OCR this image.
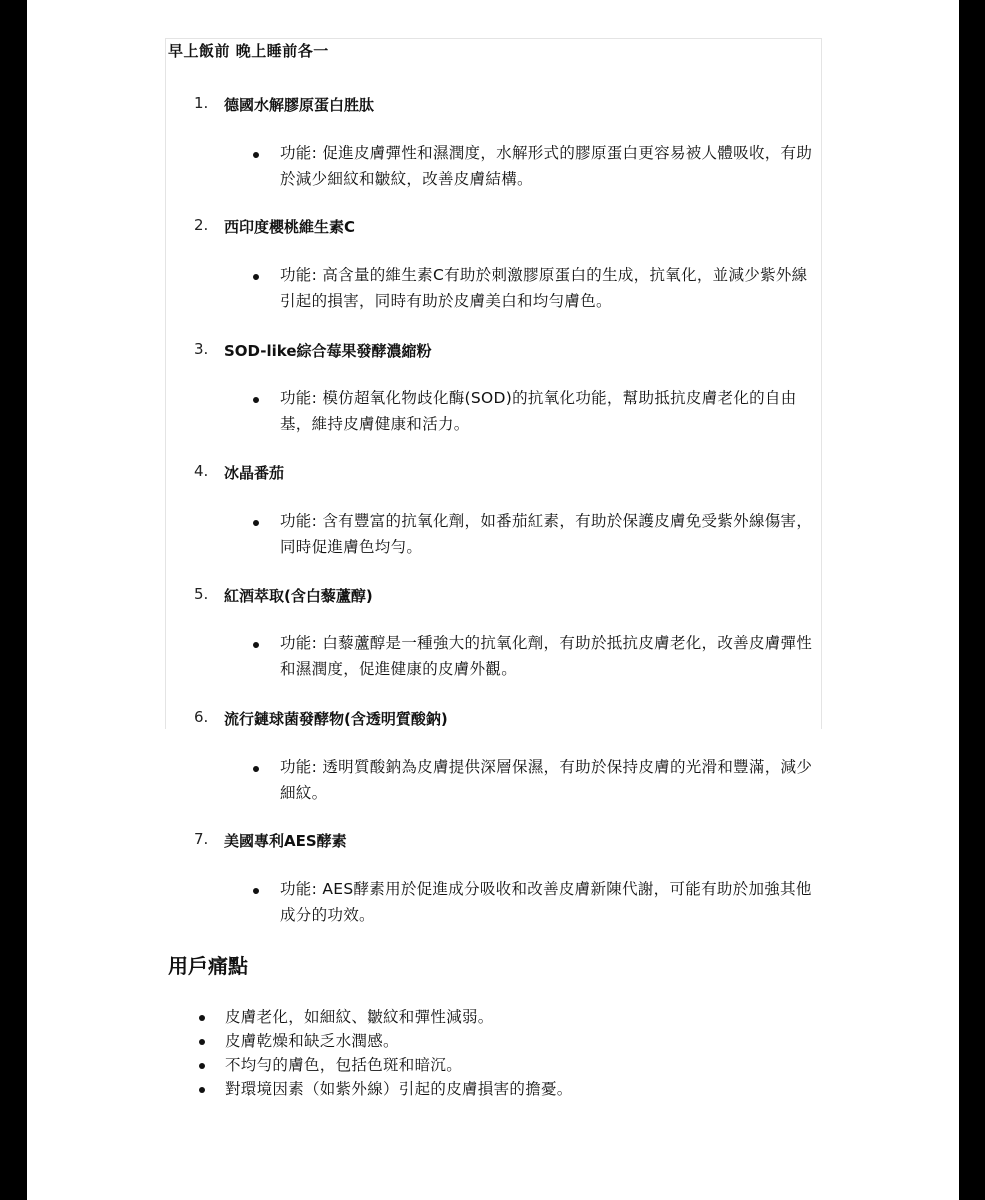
早上飯前 晚上睡前各一
1. 德國水解膠原蛋白胜肽
功能: 促進皮膚彈性和濕潤度，水解形式的膠原蛋白更容易被人體吸收，有助於減少細紋和皺紋，改善皮膚結構。
2. 西印度櫻桃維生素C
功能: 高含量的維生素C有助於刺激膠原蛋白的生成，抗氧化，並減少紫外線引起的損害，同時有助於皮膚美白和均勻膚色。
3. SOD-like綜合莓果發酵濃縮粉
功能: 模仿超氧化物歧化酶(SOD)的抗氧化功能，幫助抵抗皮膚老化的自由基，維持皮膚健康和活力。
4. 冰晶番茄
功能: 含有豐富的抗氧化劑，如番茄紅素，有助於保護皮膚免受紫外線傷害，同時促進膚色均勻。
5. 紅酒萃取(含白藜蘆醇)
功能: 白藜蘆醇是一種強大的抗氧化劑，有助於抵抗皮膚老化，改善皮膚彈性和濕潤度，促進健康的皮膚外觀。
6. 流行鏈球菌發酵物(含透明質酸鈉)
功能: 透明質酸鈉為皮膚提供深層保濕，有助於保持皮膚的光滑和豐滿，減少細紋。
7. 美國專利AES酵素
功能: AES酵素用於促進成分吸收和改善皮膚新陳代謝，可能有助於加強其他成分的功效。
用戶痛點
皮膚老化，如細紋、皺紋和彈性減弱。
皮膚乾燥和缺乏水潤感。
不均勻的膚色，包括色斑和暗沉。
對環境因素（如紫外線）引起的皮膚損害的擔憂。
